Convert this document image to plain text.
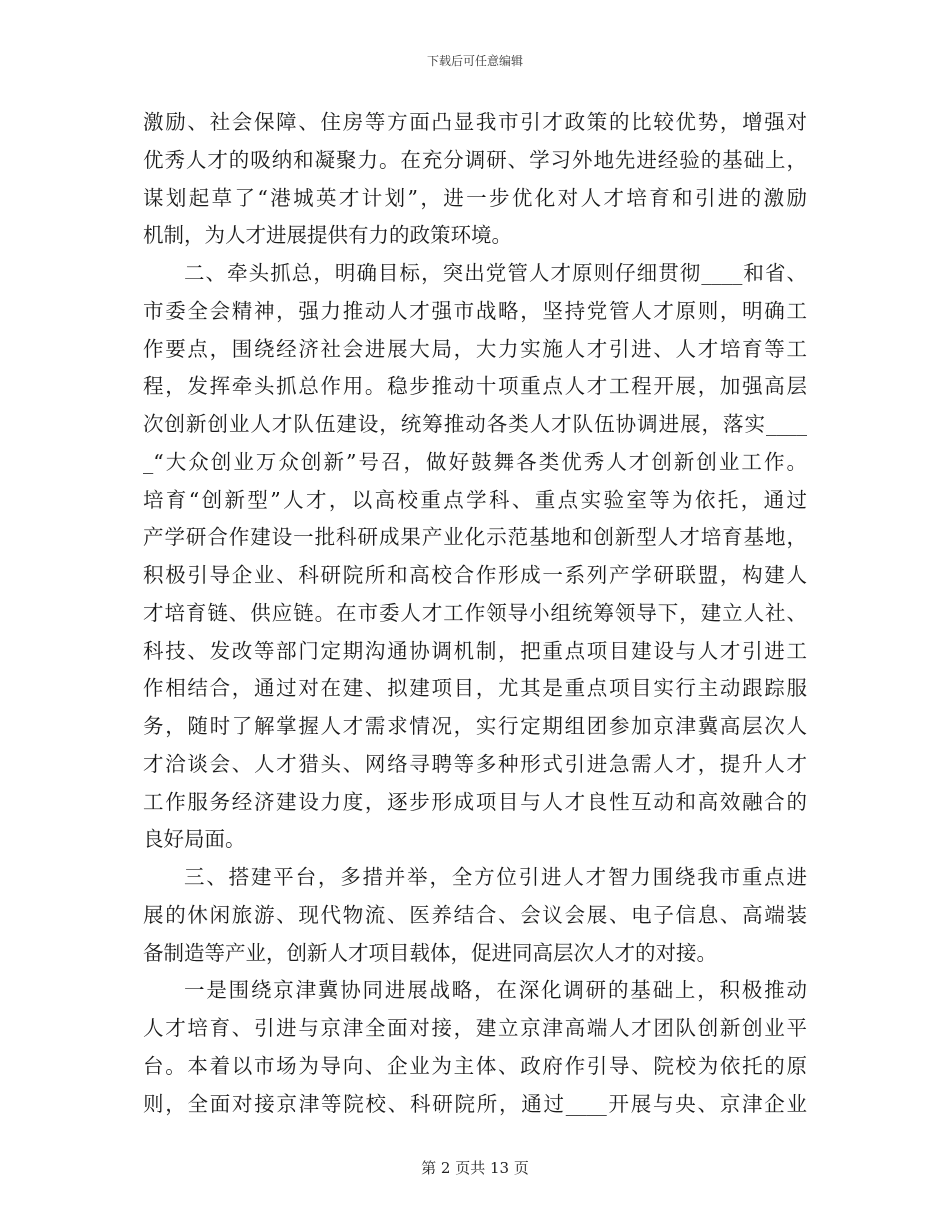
下载后可任意编辑
激励、社会保障、住房等方面凸显我市引才政策的比较优势，增强对
优秀人才的吸纳和凝聚力。在充分调研、学习外地先进经验的基础上，
谋划起草了“港城英才计划”，进一步优化对人才培育和引进的激励
机制，为人才进展提供有力的政策环境。
二、牵头抓总，明确目标，突出党管人才原则仔细贯彻____和省、
市委全会精神，强力推动人才强市战略，坚持党管人才原则，明确工
作要点，围绕经济社会进展大局，大力实施人才引进、人才培育等工
程，发挥牵头抓总作用。稳步推动十项重点人才工程开展，加强高层
次创新创业人才队伍建设，统筹推动各类人才队伍协调进展，落实____
_“大众创业万众创新”号召，做好鼓舞各类优秀人才创新创业工作。
培育“创新型”人才，以高校重点学科、重点实验室等为依托，通过
产学研合作建设一批科研成果产业化示范基地和创新型人才培育基地，
积极引导企业、科研院所和高校合作形成一系列产学研联盟，构建人
才培育链、供应链。在市委人才工作领导小组统筹领导下，建立人社、
科技、发改等部门定期沟通协调机制，把重点项目建设与人才引进工
作相结合，通过对在建、拟建项目，尤其是重点项目实行主动跟踪服
务，随时了解掌握人才需求情况，实行定期组团参加京津冀高层次人
才洽谈会、人才猎头、网络寻聘等多种形式引进急需人才，提升人才
工作服务经济建设力度，逐步形成项目与人才良性互动和高效融合的
良好局面。
三、搭建平台，多措并举，全方位引进人才智力围绕我市重点进
展的休闲旅游、现代物流、医养结合、会议会展、电子信息、高端装
备制造等产业，创新人才项目载体，促进同高层次人才的对接。
一是围绕京津冀协同进展战略，在深化调研的基础上，积极推动
人才培育、引进与京津全面对接，建立京津高端人才团队创新创业平
台。本着以市场为导向、企业为主体、政府作引导、院校为依托的原
则，全面对接京津等院校、科研院所，通过____开展与央、京津企业
第 2 页共 13 页
